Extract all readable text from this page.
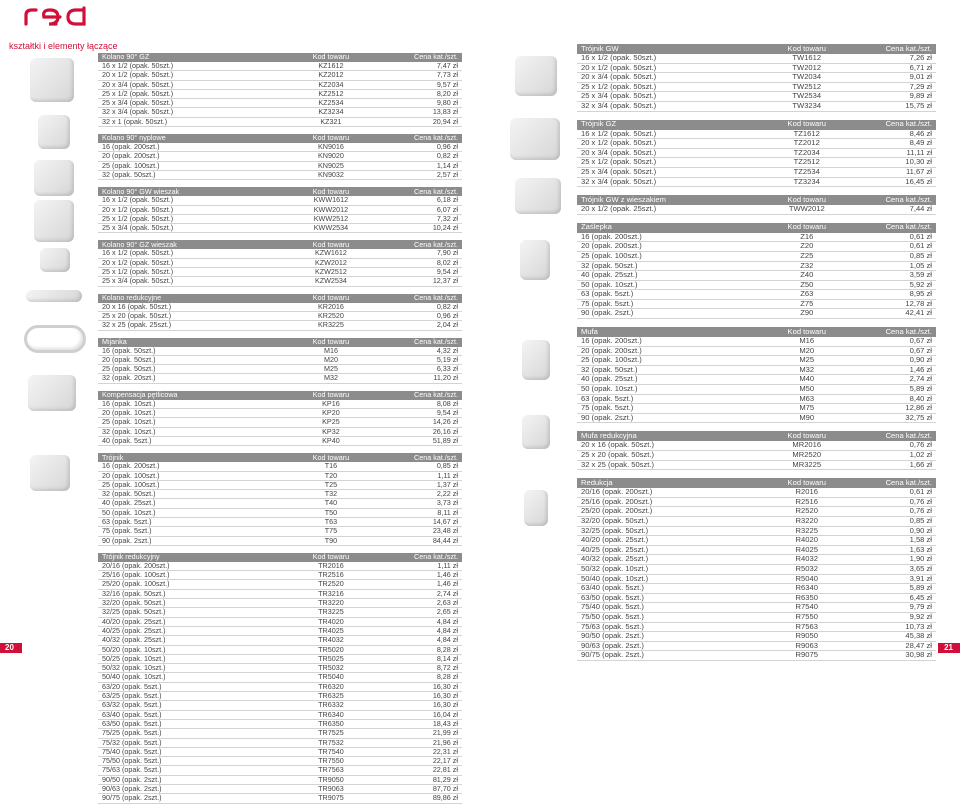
kształtki i elementy łączące
Kolano 90° GZ	Kod towaru	Cena kat./szt.
16 x 1/2 (opak. 50szt.)	KZ1612	7,47 zł
20 x 1/2 (opak. 50szt.)	KZ2012	7,73 zł
20 x 3/4 (opak. 50szt.)	KZ2034	9,57 zł
25 x 1/2 (opak. 50szt.)	KZ2512	8,20 zł
25 x 3/4 (opak. 50szt.)	KZ2534	9,80 zł
32 x 3/4 (opak. 50szt.)	KZ3234	13,83 zł
32 x 1 (opak. 50szt.)	KZ321	20,94 zł
Kolano 90° nyplowe	Kod towaru	Cena kat./szt.
16 (opak. 200szt.)	KN9016	0,96 zł
20 (opak. 200szt.)	KN9020	0,82 zł
25 (opak. 100szt.)	KN9025	1,14 zł
32 (opak. 50szt.)	KN9032	2,57 zł
Kolano 90° GW wieszak	Kod towaru	Cena kat./szt.
16 x 1/2 (opak. 50szt.)	KWW1612	6,18 zł
20 x 1/2 (opak. 50szt.)	KWW2012	6,07 zł
25 x 1/2 (opak. 50szt.)	KWW2512	7,32 zł
25 x 3/4 (opak. 50szt.)	KWW2534	10,24 zł
Kolano 90° GZ wieszak	Kod towaru	Cena kat./szt.
16 x 1/2 (opak. 50szt.)	KZW1612	7,90 zł
20 x 1/2 (opak. 50szt.)	KZW2012	8,02 zł
25 x 1/2 (opak. 50szt.)	KZW2512	9,54 zł
25 x 3/4 (opak. 50szt.)	KZW2534	12,37 zł
Kolano redukcyjne	Kod towaru	Cena kat./szt.
20 x 16 (opak. 50szt.)	KR2016	0,82 zł
25 x 20 (opak. 50szt.)	KR2520	0,96 zł
32 x 25 (opak. 25szt.)	KR3225	2,04 zł
Mijanka	Kod towaru	Cena kat./szt.
16 (opak. 50szt.)	M16	4,32 zł
20 (opak. 50szt.)	M20	5,19 zł
25 (opak. 50szt.)	M25	6,33 zł
32 (opak. 20szt.)	M32	11,20 zł
Kompensacja pętlicowa	Kod towaru	Cena kat./szt.
16 (opak. 10szt.)	KP16	8,08 zł
20 (opak. 10szt.)	KP20	9,54 zł
25 (opak. 10szt.)	KP25	14,26 zł
32 (opak. 10szt.)	KP32	26,16 zł
40 (opak. 5szt.)	KP40	51,89 zł
Trójnik	Kod towaru	Cena kat./szt.
16 (opak. 200szt.)	T16	0,85 zł
20 (opak. 100szt.)	T20	1,11 zł
25 (opak. 100szt.)	T25	1,37 zł
32 (opak. 50szt.)	T32	2,22 zł
40 (opak. 25szt.)	T40	3,73 zł
50 (opak. 10szt.)	T50	8,11 zł
63 (opak. 5szt.)	T63	14,67 zł
75 (opak. 5szt.)	T75	23,48 zł
90 (opak. 2szt.)	T90	84,44 zł
Trójnik redukcyjny	Kod towaru	Cena kat./szt.
20/16 (opak. 200szt.)	TR2016	1,11 zł
25/16 (opak. 100szt.)	TR2516	1,46 zł
25/20 (opak. 100szt.)	TR2520	1,46 zł
32/16 (opak. 50szt.)	TR3216	2,74 zł
32/20 (opak. 50szt.)	TR3220	2,63 zł
32/25 (opak. 50szt.)	TR3225	2,65 zł
40/20 (opak. 25szt.)	TR4020	4,84 zł
40/25 (opak. 25szt.)	TR4025	4,84 zł
40/32 (opak. 25szt.)	TR4032	4,84 zł
50/20 (opak. 10szt.)	TR5020	8,28 zł
50/25 (opak. 10szt.)	TR5025	8,14 zł
50/32 (opak. 10szt.)	TR5032	8,72 zł
50/40 (opak. 10szt.)	TR5040	8,28 zł
63/20 (opak. 5szt.)	TR6320	16,30 zł
63/25 (opak. 5szt.)	TR6325	16,30 zł
63/32 (opak. 5szt.)	TR6332	16,30 zł
63/40 (opak. 5szt.)	TR6340	16,04 zł
63/50 (opak. 5szt.)	TR6350	18,43 zł
75/25 (opak. 5szt.)	TR7525	21,99 zł
75/32 (opak. 5szt.)	TR7532	21,96 zł
75/40 (opak. 5szt.)	TR7540	22,31 zł
75/50 (opak. 5szt.)	TR7550	22,17 zł
75/63 (opak. 5szt.)	TR7563	22,81 zł
90/50 (opak. 2szt.)	TR9050	81,29 zł
90/63 (opak. 2szt.)	TR9063	87,70 zł
90/75 (opak. 2szt.)	TR9075	89,86 zł
Trójnik GW	Kod towaru	Cena kat./szt.
16 x 1/2 (opak. 50szt.)	TW1612	7,26 zł
20 x 1/2 (opak. 50szt.)	TW2012	6,71 zł
20 x 3/4 (opak. 50szt.)	TW2034	9,01 zł
25 x 1/2 (opak. 50szt.)	TW2512	7,29 zł
25 x 3/4 (opak. 50szt.)	TW2534	9,89 zł
32 x 3/4 (opak. 50szt.)	TW3234	15,75 zł
Trójnik GZ	Kod towaru	Cena kat./szt.
16 x 1/2 (opak. 50szt.)	TZ1612	8,46 zł
20 x 1/2 (opak. 50szt.)	TZ2012	8,49 zł
20 x 3/4 (opak. 50szt.)	TZ2034	11,11 zł
25 x 1/2 (opak. 50szt.)	TZ2512	10,30 zł
25 x 3/4 (opak. 50szt.)	TZ2534	11,67 zł
32 x 3/4 (opak. 50szt.)	TZ3234	16,45 zł
Trójnik GW z wieszakiem	Kod towaru	Cena kat./szt.
20 x 1/2 (opak. 25szt.)	TWW2012	7,44 zł
Zaślepka	Kod towaru	Cena kat./szt.
16 (opak. 200szt.)	Z16	0,61 zł
20 (opak. 200szt.)	Z20	0,61 zł
25 (opak. 100szt.)	Z25	0,85 zł
32 (opak. 50szt.)	Z32	1,05 zł
40 (opak. 25szt.)	Z40	3,59 zł
50 (opak. 10szt.)	Z50	5,92 zł
63 (opak. 5szt.)	Z63	8,95 zł
75 (opak. 5szt.)	Z75	12,78 zł
90 (opak. 2szt.)	Z90	42,41 zł
Mufa	Kod towaru	Cena kat./szt.
16 (opak. 200szt.)	M16	0,67 zł
20 (opak. 200szt.)	M20	0,67 zł
25 (opak. 100szt.)	M25	0,90 zł
32 (opak. 50szt.)	M32	1,46 zł
40 (opak. 25szt.)	M40	2,74 zł
50 (opak. 10szt.)	M50	5,89 zł
63 (opak. 5szt.)	M63	8,40 zł
75 (opak. 5szt.)	M75	12,86 zł
90 (opak. 2szt.)	M90	32,75 zł
Mufa redukcyjna	Kod towaru	Cena kat./szt.
20 x 16 (opak. 50szt.)	MR2016	0,76 zł
25 x 20 (opak. 50szt.)	MR2520	1,02 zł
32 x 25 (opak. 50szt.)	MR3225	1,66 zł
Redukcja	Kod towaru	Cena kat./szt.
20/16 (opak. 200szt.)	R2016	0,61 zł
25/16 (opak. 200szt.)	R2516	0,76 zł
25/20 (opak. 200szt.)	R2520	0,76 zł
32/20 (opak. 50szt.)	R3220	0,85 zł
32/25 (opak. 50szt.)	R3225	0,90 zł
40/20 (opak. 25szt.)	R4020	1,58 zł
40/25 (opak. 25szt.)	R4025	1,63 zł
40/32 (opak. 25szt.)	R4032	1,90 zł
50/32 (opak. 10szt.)	R5032	3,65 zł
50/40 (opak. 10szt.)	R5040	3,91 zł
63/40 (opak. 5szt.)	R6340	5,89 zł
63/50 (opak. 5szt.)	R6350	6,45 zł
75/40 (opak. 5szt.)	R7540	9,79 zł
75/50 (opak. 5szt.)	R7550	9,92 zł
75/63 (opak. 5szt.)	R7563	10,73 zł
90/50 (opak. 2szt.)	R9050	45,38 zł
90/63 (opak. 2szt.)	R9063	28,47 zł
90/75 (opak. 2szt.)	R9075	30,98 zł
20	21
